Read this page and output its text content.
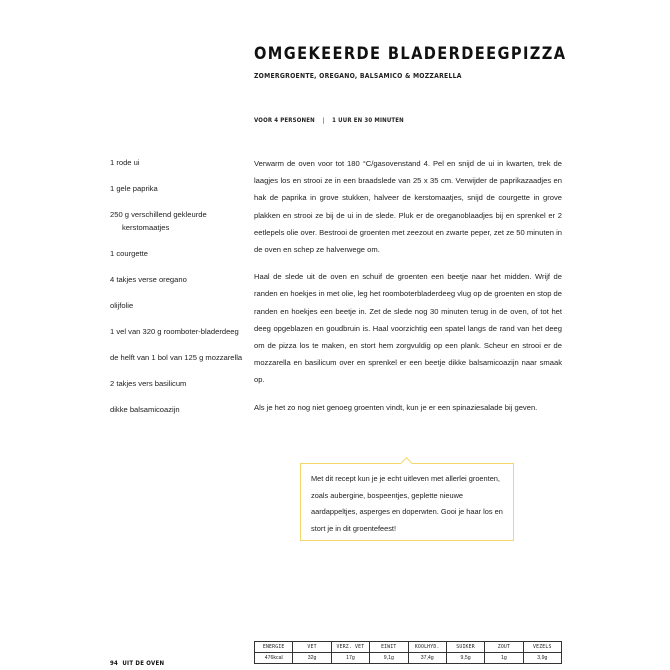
OMGEKEERDE BLADERDEEGPIZZA
ZOMERGROENTE, OREGANO, BALSAMICO & MOZZARELLA
VOOR 4 PERSONEN | 1 UUR EN 30 MINUTEN
1 rode ui
1 gele paprika
250 g verschillend gekleurde kerstomaatjes
1 courgette
4 takjes verse oregano
olijfolie
1 vel van 320 g roomboter-bladerdeeg
de helft van 1 bol van 125 g mozzarella
2 takjes vers basilicum
dikke balsamicoazijn

Verwarm de oven voor tot 180 °C/gasovenstand 4. Pel en snijd de ui in kwarten, trek de laagjes los en strooi ze in een braadslede van 25 x 35 cm. Verwijder de paprikazaadjes en hak de paprika in grove stukken, halveer de kerstomaatjes, snijd de courgette in grove plakken en strooi ze bij de ui in de slede. Pluk er de oreganoblaadjes bij en sprenkel er 2 eetlepels olie over. Bestrooi de groenten met zeezout en zwarte peper, zet ze 50 minuten in de oven en schep ze halverwege om.

Haal de slede uit de oven en schuif de groenten een beetje naar het midden. Wrijf de randen en hoekjes in met olie, leg het roomboterbladerdeeg vlug op de groenten en stop de randen en hoekjes een beetje in. Zet de slede nog 30 minuten terug in de oven, of tot het deeg opgeblazen en goudbruin is. Haal voorzichtig een spatel langs de rand van het deeg om de pizza los te maken, en stort hem zorgvuldig op een plank. Scheur en strooi er de mozzarella en basilicum over en sprenkel er een beetje dikke balsamicoazijn naar smaak op.

Als je het zo nog niet genoeg groenten vindt, kun je er een spinaziesalade bij geven.

Met dit recept kun je je echt uitleven met allerlei groenten, zoals aubergine, bospeentjes, geplette nieuwe aardappeltjes, asperges en doperwten. Gooi je haar los en stort je in dit groentefeest!

ENERGIE	VET	VERZ. VET	EIWIT	KOOLHYD.	SUIKER	ZOUT	VEZELS
476kcal	32g	17g	9,1g	37,4g	9,5g	1g	3,9g
94 UIT DE OVEN
